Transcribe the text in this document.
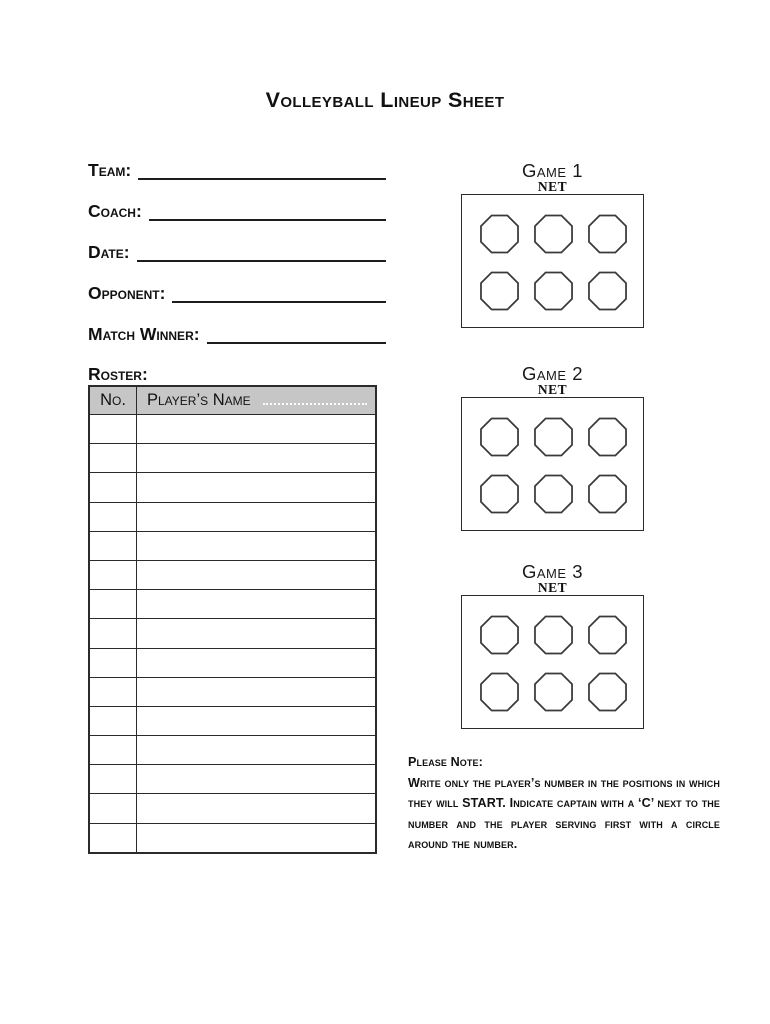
Volleyball Lineup Sheet
Team:
Coach:
Date:
Opponent:
Match Winner:
Roster:
No.	Player’s Name

Game 1
NET
Game 2
NET
Game 3
NET
Please Note:
Write only the player’s number in the positions in which they will START. Indicate captain with a ‘C’ next to the number and the player serving first with a circle around the number.
